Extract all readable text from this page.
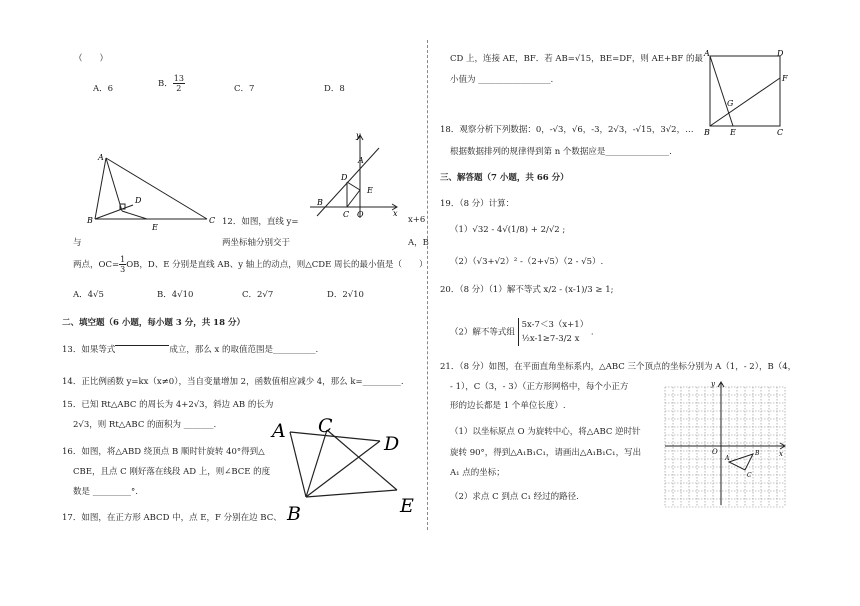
（　　）
A．6	B． $\frac{13}{2}$	C．7	D．8
A
B	C
D
E
y
x
A
B
C
D
E
O
12．如图，直线 y=	x+6
与	两坐标轴分别交于	A，B
两点，$OC= \frac{1}{3}$ OB，D、E 分别是直线 AB、y 轴上的动点，则△CDE 周长的最小值是（　　）
A．4√5	B．4√10	C．2√7	D．2√10
二、填空题（6 小题，每小题 3 分，共 18 分）
13．如果等式	成立，那么 x 的取值范围是__________.
14．正比例函数 y=kx（x≠0），当自变量增加 2，函数值相应减少 4，那么 k=_________.
15．已知 Rt△ABC 的周长为 4+2√3，斜边 AB 的长为
2√3，则 Rt△ABC 的面积为 _______.
16．如图，将△ABD 绕顶点 B 顺时针旋转 40°得到△
CBE，且点 C 刚好落在线段 AD 上，则∠BCE 的度
数是 _________°.
17．如图，在正方形 ABCD 中，点 E，F 分别在边 BC、
A
B
C
D
E
CD 上，连接 AE，BF．若 AB=√15，BE=DF，则 AE+BF 的最
小值为 _________________.
A
B	C
D
E
F
G
18．观察分析下列数据：0，-√3，√6，-3，2√3，-√15，3√2，…
根据数据排列的规律得到第 n 个数据应是_______________.
三、解答题（7 小题，共 66 分）
19．（8 分）计算：
（1）√32 - 4√(1/8) + 2/√2 ;
（2）（√3+√2）² -（2+√5）（2 - √5）.
20．（8 分）（1）解不等式 x/2 - (x-1)/3 ≥ 1;
（2）解不等式组
5x-7＜3（x+1）
½x-1≥7-3/2 x
.
21．（8 分）如图，在平面直角坐标系内，△ABC 三个顶点的坐标分别为 A（1，- 2），B（4，
- 1），C（3，- 3）（正方形网格中，每个小正方
形的边长都是 1 个单位长度）.
（1）以坐标原点 O 为旋转中心，将△ABC 逆时针
旋转 90°，得到△A₁B₁C₁，请画出△A₁B₁C₁，写出
A₁ 点的坐标；
（2）求点 C 到点 C₁ 经过的路径.
y
x
O
A
B
C
